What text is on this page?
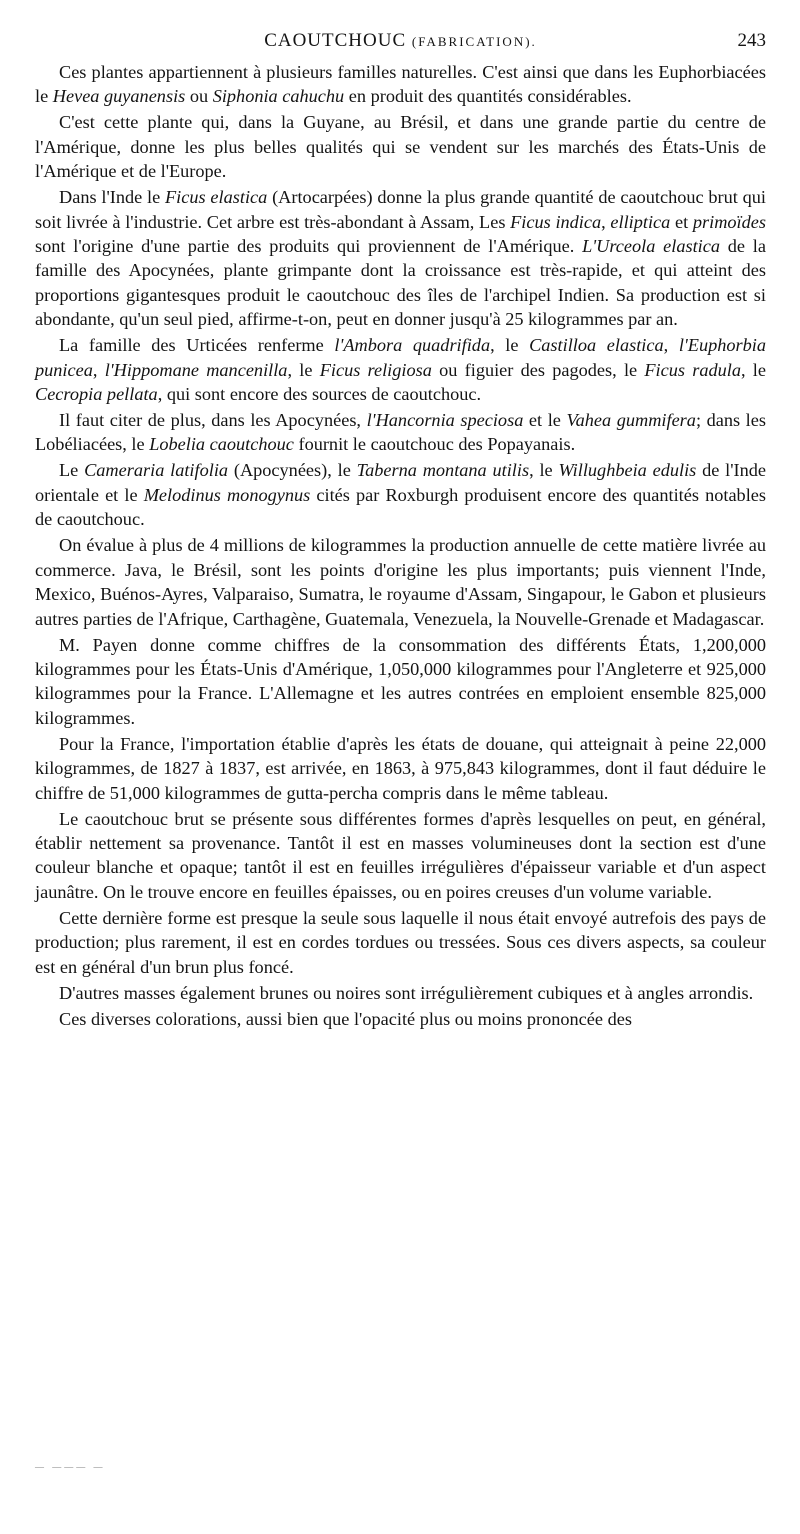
CAOUTCHOUC (FABRICATION).	243

Ces plantes appartiennent à plusieurs familles naturelles. C'est ainsi que dans les Euphorbiacées le Hevea guyanensis ou Siphonia cahuchu en produit des quantités considérables.

C'est cette plante qui, dans la Guyane, au Brésil, et dans une grande partie du centre de l'Amérique, donne les plus belles qualités qui se vendent sur les marchés des États-Unis de l'Amérique et de l'Europe.

Dans l'Inde le Ficus elastica (Artocarpées) donne la plus grande quantité de caoutchouc brut qui soit livrée à l'industrie. Cet arbre est très-abondant à Assam, Les Ficus indica, elliptica et primoïdes sont l'origine d'une partie des produits qui proviennent de l'Amérique. L'Urceola elastica de la famille des Apocynées, plante grimpante dont la croissance est très-rapide, et qui atteint des proportions gigantesques produit le caoutchouc des îles de l'archipel Indien. Sa production est si abondante, qu'un seul pied, affirme-t-on, peut en donner jusqu'à 25 kilogrammes par an.

La famille des Urticées renferme l'Ambora quadrifida, le Castilloa elastica, l'Euphorbia punicea, l'Hippomane mancenilla, le Ficus religiosa ou figuier des pagodes, le Ficus radula, le Cecropia pellata, qui sont encore des sources de caoutchouc.

Il faut citer de plus, dans les Apocynées, l'Hancornia speciosa et le Vahea gummifera; dans les Lobéliacées, le Lobelia caoutchouc fournit le caoutchouc des Popayanais.

Le Cameraria latifolia (Apocynées), le Taberna montana utilis, le Willughbeia edulis de l'Inde orientale et le Melodinus monogynus cités par Roxburgh produisent encore des quantités notables de caoutchouc.

On évalue à plus de 4 millions de kilogrammes la production annuelle de cette matière livrée au commerce. Java, le Brésil, sont les points d'origine les plus importants; puis viennent l'Inde, Mexico, Buénos-Ayres, Valparaiso, Sumatra, le royaume d'Assam, Singapour, le Gabon et plusieurs autres parties de l'Afrique, Carthagène, Guatemala, Venezuela, la Nouvelle-Grenade et Madagascar.

M. Payen donne comme chiffres de la consommation des différents États, 1,200,000 kilogrammes pour les États-Unis d'Amérique, 1,050,000 kilogrammes pour l'Angleterre et 925,000 kilogrammes pour la France. L'Allemagne et les autres contrées en emploient ensemble 825,000 kilogrammes.

Pour la France, l'importation établie d'après les états de douane, qui atteignait à peine 22,000 kilogrammes, de 1827 à 1837, est arrivée, en 1863, à 975,843 kilogrammes, dont il faut déduire le chiffre de 51,000 kilogrammes de gutta-percha compris dans le même tableau.

Le caoutchouc brut se présente sous différentes formes d'après lesquelles on peut, en général, établir nettement sa provenance. Tantôt il est en masses volumineuses dont la section est d'une couleur blanche et opaque; tantôt il est en feuilles irrégulières d'épaisseur variable et d'un aspect jaunâtre. On le trouve encore en feuilles épaisses, ou en poires creuses d'un volume variable.

Cette dernière forme est presque la seule sous laquelle il nous était envoyé autrefois des pays de production; plus rarement, il est en cordes tordues ou tressées. Sous ces divers aspects, sa couleur est en général d'un brun plus foncé.

D'autres masses également brunes ou noires sont irrégulièrement cubiques et à angles arrondis.

Ces diverses colorations, aussi bien que l'opacité plus ou moins prononcée des

— ——— —
